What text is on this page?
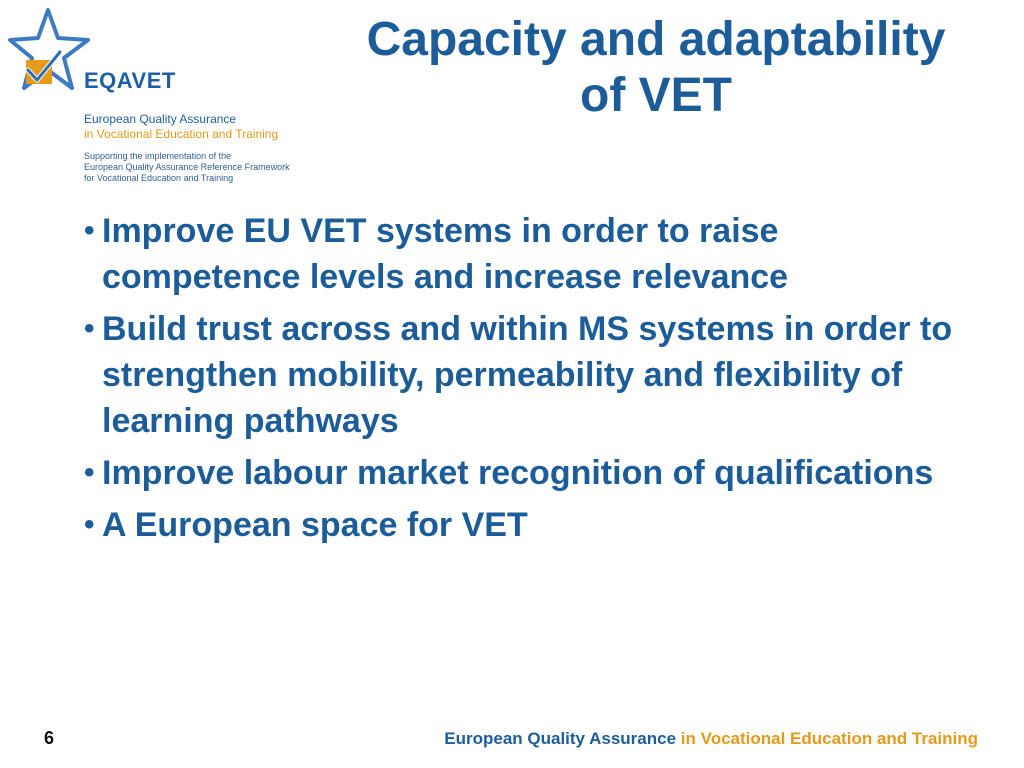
EQAVET
European Quality Assurance
in Vocational Education and Training
Supporting the implementation of the
European Quality Assurance Reference Framework
for Vocational Education and Training
Capacity and adaptability
of VET
• Improve EU VET systems in order to raise competence levels and increase relevance
• Build trust across and within MS systems in order to strengthen mobility, permeability and flexibility of learning pathways
• Improve labour market recognition of qualifications
• A European space for VET
6	European Quality Assurance in Vocational Education and Training
